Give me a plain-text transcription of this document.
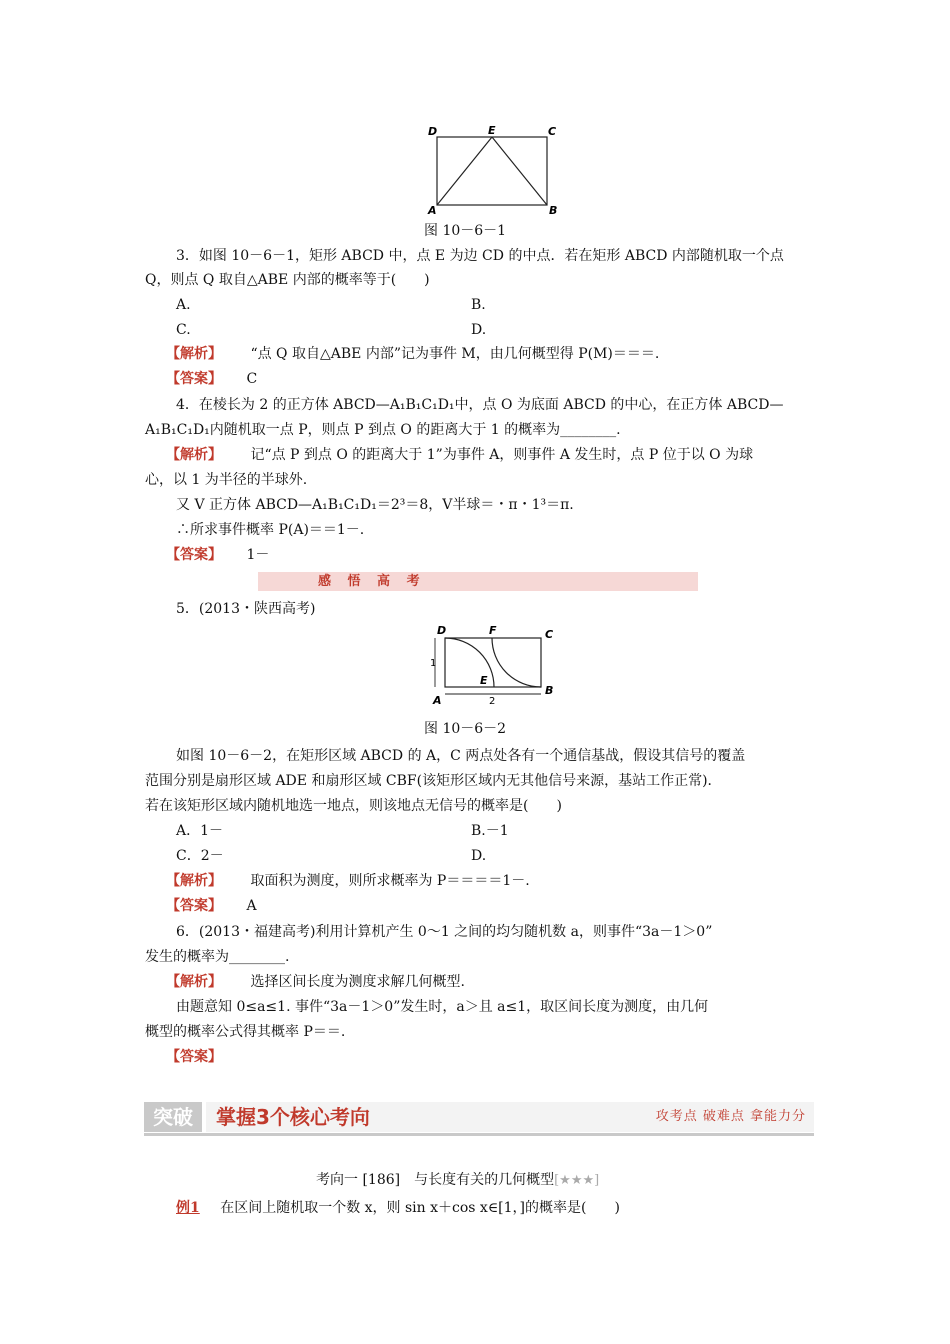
D	E	C
A	B
图 10－6－1
3．如图 10－6－1，矩形 ABCD 中，点 E 为边 CD 的中点．若在矩形 ABCD 内部随机取一个点
Q，则点 Q 取自△ABE 内部的概率等于(　　)
A.	B.
C.	D.
【解析】 “点 Q 取自△ABE 内部”记为事件 M，由几何概型得 P(M)＝＝＝.
【答案】 C
4．在棱长为 2 的正方体 ABCD—A₁B₁C₁D₁中，点 O 为底面 ABCD 的中心，在正方体 ABCD—
A₁B₁C₁D₁内随机取一点 P，则点 P 到点 O 的距离大于 1 的概率为________.
【解析】 记“点 P 到点 O 的距离大于 1”为事件 A，则事件 A 发生时，点 P 位于以 O 为球
心，以 1 为半径的半球外.
又 V 正方体 ABCD—A₁B₁C₁D₁＝2³＝8，V半球＝・π・1³＝π.
∴所求事件概率 P(A)＝＝1－.
【答案】 1－
感 悟 高 考
5．(2013・陕西高考)
D	F	C
E
A
B
1
2
图 10－6－2
如图 10－6－2，在矩形区域 ABCD 的 A，C 两点处各有一个通信基战，假设其信号的覆盖
范围分别是扇形区域 ADE 和扇形区域 CBF(该矩形区域内无其他信号来源，基站工作正常)．
若在该矩形区域内随机地选一地点，则该地点无信号的概率是(　　)
A．1－	B.－1
C．2－	D.
【解析】 取面积为测度，则所求概率为 P＝＝＝＝1－.
【答案】 A
6．(2013・福建高考)利用计算机产生 0～1 之间的均匀随机数 a，则事件“3a－1＞0”
发生的概率为________.
【解析】 选择区间长度为测度求解几何概型.
由题意知 0≤a≤1. 事件“3a－1＞0”发生时，a＞且 a≤1，取区间长度为测度，由几何
概型的概率公式得其概率 P＝＝.
【答案】
突破	掌握3个核心考向	攻考点 破难点 拿能力分
考向一 [186]　与长度有关的几何概型[★★★]
例1 在区间上随机取一个数 x，则 sin x＋cos x∈[1，]的概率是(　　)
